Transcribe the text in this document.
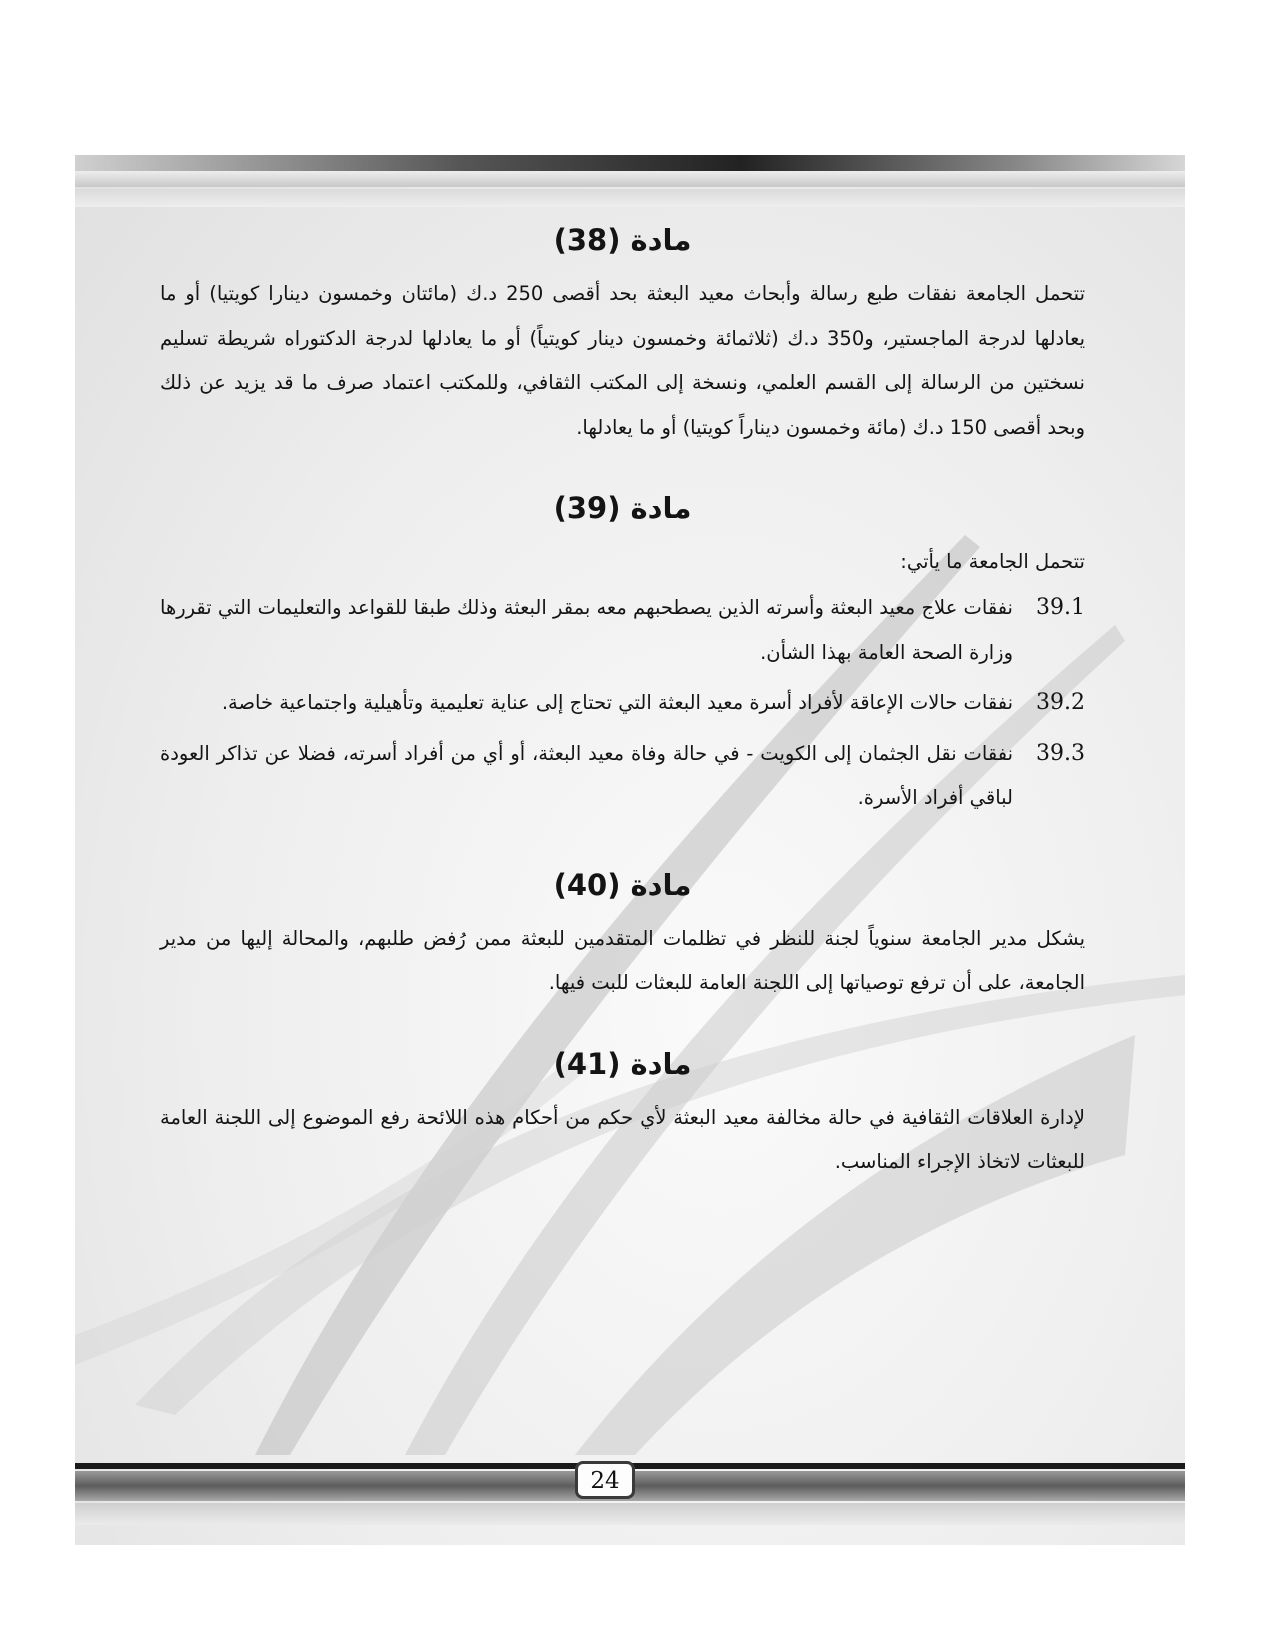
24
مادة (38)

تتحمل الجامعة نفقات طبع رسالة وأبحاث معيد البعثة بحد أقصى 250 د.ك (مائتان وخمسون دينارا كويتيا) أو ما يعادلها لدرجة الماجستير، و350 د.ك (ثلاثمائة وخمسون دينار كويتياً) أو ما يعادلها لدرجة الدكتوراه شريطة تسليم نسختين من الرسالة إلى القسم العلمي، ونسخة إلى المكتب الثقافي، وللمكتب اعتماد صرف ما قد يزيد عن ذلك وبحد أقصى 150 د.ك (مائة وخمسون ديناراً كويتيا) أو ما يعادلها.

مادة (39)

تتحمل الجامعة ما يأتي:

39.1
نفقات علاج معيد البعثة وأسرته الذين يصطحبهم معه بمقر البعثة وذلك طبقا للقواعد والتعليمات التي تقررها وزارة الصحة العامة بهذا الشأن.
39.2
نفقات حالات الإعاقة لأفراد أسرة معيد البعثة التي تحتاج إلى عناية تعليمية وتأهيلية واجتماعية خاصة.
39.3
نفقات نقل الجثمان إلى الكويت - في حالة وفاة معيد البعثة، أو أي من أفراد أسرته، فضلا عن تذاكر العودة لباقي أفراد الأسرة.
مادة (40)

يشكل مدير الجامعة سنوياً لجنة للنظر في تظلمات المتقدمين للبعثة ممن رُفض طلبهم، والمحالة إليها من مدير الجامعة، على أن ترفع توصياتها إلى اللجنة العامة للبعثات للبت فيها.

مادة (41)

لإدارة العلاقات الثقافية في حالة مخالفة معيد البعثة لأي حكم من أحكام هذه اللائحة رفع الموضوع إلى اللجنة العامة للبعثات لاتخاذ الإجراء المناسب.
